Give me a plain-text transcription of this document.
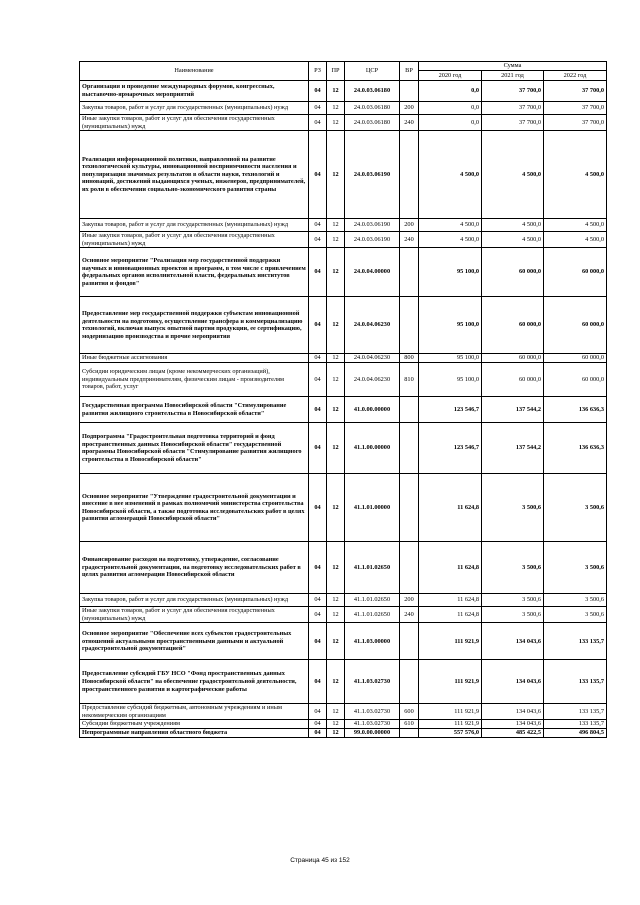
Наименование	РЗ	ПР	ЦСР	ВР	Сумма		
					2020 год	2021 год	2022 год
Организация и проведение международных форумов, конгрессных, выставочно-ярмарочных мероприятий	04	12	24.0.03.06180		0,0	37 700,0	37 700,0
Закупка товаров, работ и услуг для государственных (муниципальных) нужд	04	12	24.0.03.06180	200	0,0	37 700,0	37 700,0
Иные закупки товаров, работ и услуг для обеспечения государственных (муниципальных) нужд	04	12	24.0.03.06180	240	0,0	37 700,0	37 700,0
Реализация информационной политики, направленной на развитие технологической культуры, инновационной восприимчивости населения и популяризация значимых результатов в области науки, технологий и инноваций, достижений выдающихся ученых, инженеров, предпринимателей, их роли в обеспечении социально-экономического развития страны	04	12	24.0.03.06190		4 500,0	4 500,0	4 500,0
Закупка товаров, работ и услуг для государственных (муниципальных) нужд	04	12	24.0.03.06190	200	4 500,0	4 500,0	4 500,0
Иные закупки товаров, работ и услуг для обеспечения государственных (муниципальных) нужд	04	12	24.0.03.06190	240	4 500,0	4 500,0	4 500,0
Основное мероприятие "Реализация мер государственной поддержки научных и инновационных проектов и программ, в том числе с привлечением федеральных органов исполнительной власти, федеральных институтов развития и фондов"	04	12	24.0.04.00000		95 100,0	60 000,0	60 000,0
Предоставление мер государственной поддержки субъектам инновационной деятельности на подготовку, осуществление трансфера и коммерциализацию технологий, включая выпуск опытной партии продукции, ее сертификацию, модернизацию производства и прочие мероприятия	04	12	24.0.04.06230		95 100,0	60 000,0	60 000,0
Иные бюджетные ассигнования	04	12	24.0.04.06230	800	95 100,0	60 000,0	60 000,0
Субсидии юридическим лицам (кроме некоммерческих организаций), индивидуальным предпринимателям, физическим лицам - производителям товаров, работ, услуг	04	12	24.0.04.06230	810	95 100,0	60 000,0	60 000,0
Государственная программа Новосибирской области "Стимулирование развития жилищного строительства в Новосибирской области"	04	12	41.0.00.00000		123 546,7	137 544,2	136 636,3
Подпрограмма "Градостроительная подготовка территорий и фонд пространственных данных Новосибирской области" государственной программы Новосибирской области "Стимулирование развития жилищного строительства в Новосибирской области"	04	12	41.1.00.00000		123 546,7	137 544,2	136 636,3
Основное мероприятие "Утверждение градостроительной документации и внесение в нее изменений в рамках полномочий министерства строительства Новосибирской области, а также подготовка исследовательских работ в целях развития агломераций Новосибирской области"	04	12	41.1.01.00000		11 624,8	3 500,6	3 500,6
Финансирование расходов на подготовку, утверждение, согласование градостроительной документации, на подготовку исследовательских работ в целях развития агломерации Новосибирской области	04	12	41.1.01.02650		11 624,8	3 500,6	3 500,6
Закупка товаров, работ и услуг для государственных (муниципальных) нужд	04	12	41.1.01.02650	200	11 624,8	3 500,6	3 500,6
Иные закупки товаров, работ и услуг для обеспечения государственных (муниципальных) нужд	04	12	41.1.01.02650	240	11 624,8	3 500,6	3 500,6
Основное мероприятие "Обеспечение всех субъектов градостроительных отношений актуальными пространственными данными и актуальной градостроительной документацией"	04	12	41.1.03.00000		111 921,9	134 043,6	133 135,7
Предоставление субсидий ГБУ НСО "Фонд пространственных данных Новосибирской области" на обеспечение градостроительной деятельности, пространственного развития и картографические работы	04	12	41.1.03.02730		111 921,9	134 043,6	133 135,7
Предоставление субсидий бюджетным, автономным учреждениям и иным некоммерческим организациям	04	12	41.1.03.02730	600	111 921,9	134 043,6	133 135,7
Субсидии бюджетным учреждениям	04	12	41.1.03.02730	610	111 921,9	134 043,6	133 135,7
Непрограммные направления областного бюджета	04	12	99.0.00.00000		557 576,0	485 422,5	496 804,5
Страница 45 из 152
